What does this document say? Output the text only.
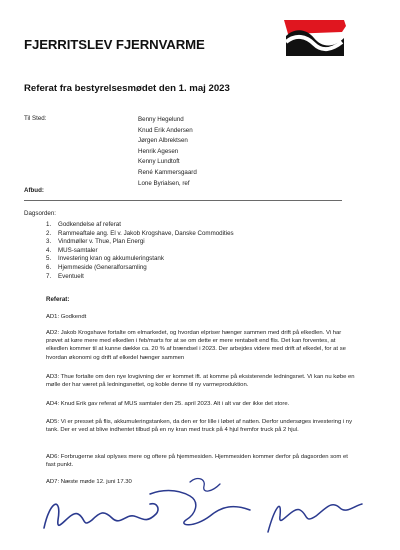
FJERRITSLEV FJERNVARME
Referat fra bestyrelsesmødet den 1. maj 2023
Til Sted:	Benny Hegelund
Knud Erik Andersen
Jørgen Albrektsen
Henrik Agesen
Kenny Lundtoft
René Kammersgaard
Lone Byrialsen, ref
Afbud:
Dagsorden:
1. Godkendelse af referat
2. Rammeaftale ang. El v. Jakob Krogshave, Danske Commodities
3. Vindmøller v. Thue, Plan Energi
4. MUS-samtaler
5. Investering kran og akkumuleringstank
6. Hjemmeside (Generalforsamling
7. Eventuelt
Referat:
AD1: Godkendt
AD2: Jakob Krogshave fortalte om elmarkedet, og hvordan elpriser hænger sammen med drift på elkedlen. Vi har prøvet at køre mere med elkedlen i feb/marts for at se om dette er mere rentabelt end flis. Det kan forventes, at elkedlen kommer til at kunne dække ca. 20 % af brændsel i 2023. Der arbejdes videre med drift af elkedel, for at se hvordan økonomi og drift af elkedel hænger sammen
AD3: Thue fortalte om den nye lovgivning der er kommet ift. at komme på eksisterende ledningsnet. Vi kan nu købe en mølle der har været på ledningsnettet, og koble denne til ny varmeproduktion.
AD4: Knud Erik gav referat af MUS samtaler den 25. april 2023. Alt i alt var der ikke det store.
AD5: Vi er presset på flis, akkumuleringstanken, da den er for lille i løbet af natten. Derfor undersøges investering i ny tank. Der er ved at blive indhentet tilbud på en ny kran med truck på 4 hjul fremfor truck på 2 hjul.
AD6: Forbrugerne skal oplyses mere og oftere på hjemmesiden. Hjemmesiden kommer derfor på dagsorden som et fast punkt.
AD7: Næste møde 12. juni 17.30
